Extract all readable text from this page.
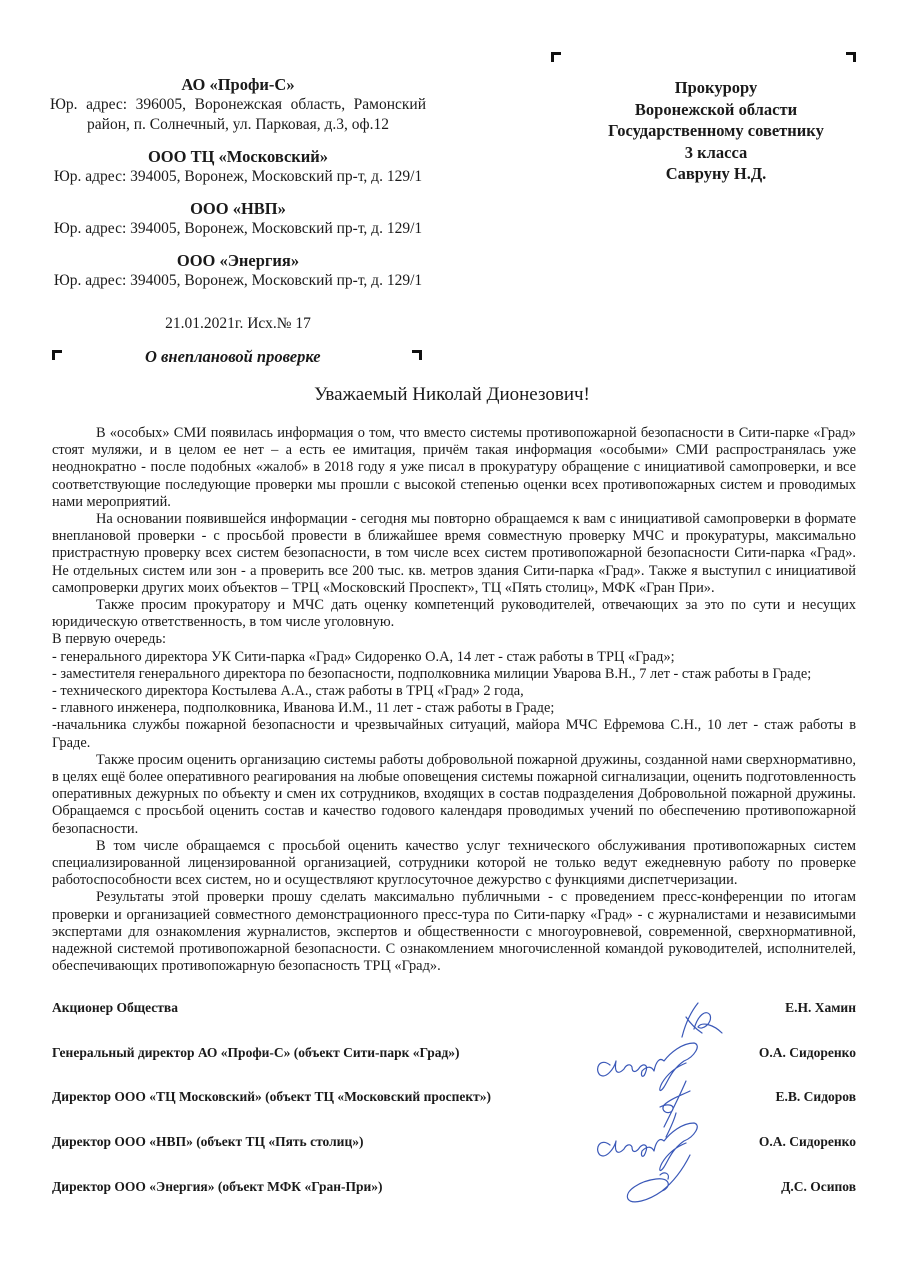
АО «Профи-С»
Юр. адрес: 396005, Воронежская область, Рамонский район, п. Солнечный, ул. Парковая, д.3, оф.12
ООО ТЦ «Московский»
Юр. адрес: 394005, Воронеж, Московский пр-т, д. 129/1
ООО «НВП»
Юр. адрес: 394005, Воронеж, Московский пр-т, д. 129/1
ООО «Энергия»
Юр. адрес: 394005, Воронеж, Московский пр-т, д. 129/1
21.01.2021г. Исх.№ 17
О внеплановой проверке
Прокурору
Воронежской области
Государственному советнику
3 класса
Савруну Н.Д.
Уважаемый Николай Дионезович!

В «особых» СМИ появилась информация о том, что вместо системы противопожарной безопасности в Сити-парке «Град» стоят муляжи, и в целом ее нет – а есть ее имитация, причём такая информация «особыми» СМИ распространялась уже неоднократно - после подобных «жалоб» в 2018 году я уже писал в прокуратуру обращение с инициативой самопроверки, и все соответствующие последующие проверки мы прошли с высокой степенью оценки всех противопожарных систем и проводимых нами мероприятий.

На основании появившейся информации - сегодня мы повторно обращаемся к вам с инициативой самопроверки в формате внеплановой проверки - с просьбой провести в ближайшее время совместную проверку МЧС и прокуратуры, максимально пристрастную проверку всех систем безопасности, в том числе всех систем противопожарной безопасности Сити-парка «Град». Не отдельных систем или зон - а проверить все 200 тыс. кв. метров здания Сити-парка «Град». Также я выступил с инициативой самопроверки других моих объектов – ТРЦ «Московский Проспект», ТЦ «Пять столиц», МФК «Гран При».

Также просим прокуратору и МЧС дать оценку компетенций руководителей, отвечающих за это по сути и несущих юридическую ответственность, в том числе уголовную.

В первую очередь:

- генерального директора УК Сити-парка «Град» Сидоренко О.А, 14 лет - стаж работы в ТРЦ «Град»;

- заместителя генерального директора по безопасности, подполковника милиции Уварова В.Н., 7 лет - стаж работы в Граде;

- технического директора Костылева А.А., стаж работы в ТРЦ «Град» 2 года,

- главного инженера, подполковника, Иванова И.М., 11 лет - стаж работы в Граде;

-начальника службы пожарной безопасности и чрезвычайных ситуаций, майора МЧС Ефремова С.Н., 10 лет - стаж работы в Граде.

Также просим оценить организацию системы работы добровольной пожарной дружины, созданной нами сверхнормативно, в целях ещё более оперативного реагирования на любые оповещения системы пожарной сигнализации, оценить подготовленность оперативных дежурных по объекту и смен их сотрудников, входящих в состав подразделения Добровольной пожарной дружины. Обращаемся с просьбой оценить состав и качество годового календаря проводимых учений по обеспечению противопожарной безопасности.

В том числе обращаемся с просьбой оценить качество услуг технического обслуживания противопожарных систем специализированной лицензированной организацией, сотрудники которой не только ведут ежедневную работу по проверке работоспособности всех систем, но и осуществляют круглосуточное дежурство с функциями диспетчеризации.

Результаты этой проверки прошу сделать максимально публичными - с проведением пресс-конференции по итогам проверки и организацией совместного демонстрационного пресс-тура по Сити-парку «Град» - с журналистами и независимыми экспертами для ознакомления журналистов, экспертов и общественности с многоуровневой, современной, сверхнормативной, надежной системой противопожарной безопасности. С ознакомлением многочисленной командой руководителей, исполнителей, обеспечивающих противопожарную безопасность ТРЦ «Град».

Акционер Общества	Е.Н. Хамин
Генеральный директор АО «Профи-С» (объект Сити-парк «Град»)	О.А. Сидоренко
Директор ООО «ТЦ Московский» (объект ТЦ «Московский проспект»)	Е.В. Сидоров
Директор ООО «НВП» (объект ТЦ «Пять столиц»)	О.А. Сидоренко
Директор ООО «Энергия» (объект МФК «Гран-При»)	Д.С. Осипов
